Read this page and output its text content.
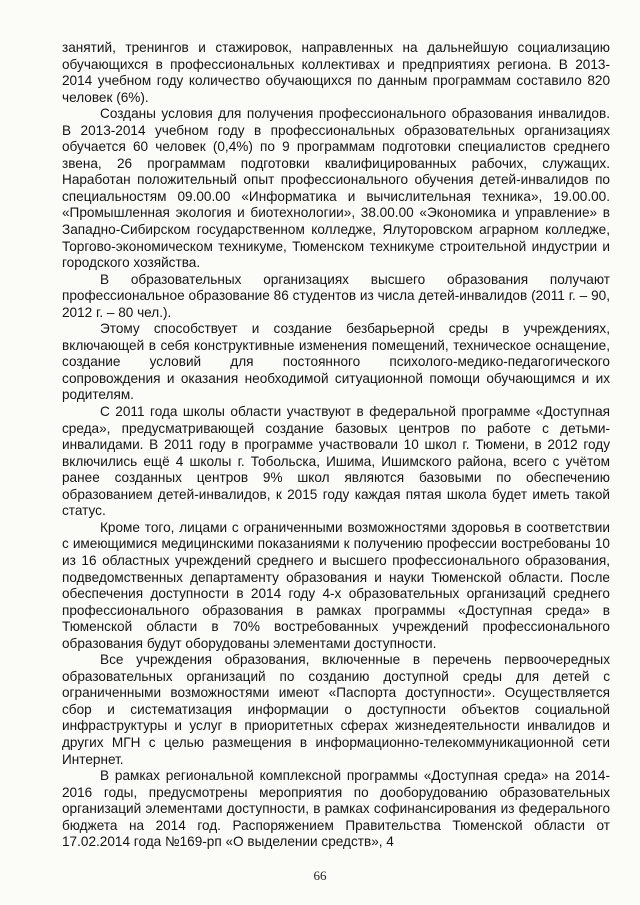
занятий, тренингов и стажировок, направленных на дальнейшую социализацию обучающихся в профессиональных коллективах и предприятиях региона. В 2013-2014 учебном году количество обучающихся по данным программам составило 820 человек (6%).

Созданы условия для получения профессионального образования инвалидов. В 2013-2014 учебном году в профессиональных образовательных организациях обучается 60 человек (0,4%) по 9 программам подготовки специалистов среднего звена, 26 программам подготовки квалифицированных рабочих, служащих. Наработан положительный опыт профессионального обучения детей-инвалидов по специальностям 09.00.00 «Информатика и вычислительная техника», 19.00.00. «Промышленная экология и биотехнологии», 38.00.00 «Экономика и управление» в Западно-Сибирском государственном колледже, Ялуторовском аграрном колледже, Торгово-экономическом техникуме, Тюменском техникуме строительной индустрии и городского хозяйства.

В образовательных организациях высшего образования получают профессиональное образование 86 студентов из числа детей-инвалидов (2011 г. – 90, 2012 г. – 80 чел.).

Этому способствует и создание безбарьерной среды в учреждениях, включающей в себя конструктивные изменения помещений, техническое оснащение, создание условий для постоянного психолого-медико-педагогического сопровождения и оказания необходимой ситуационной помощи обучающимся и их родителям.

С 2011 года школы области участвуют в федеральной программе «Доступная среда», предусматривающей создание базовых центров по работе с детьми-инвалидами. В 2011 году в программе участвовали 10 школ г. Тюмени, в 2012 году включились ещё 4 школы г. Тобольска, Ишима, Ишимского района, всего с учётом ранее созданных центров 9% школ являются базовыми по обеспечению образованием детей-инвалидов, к 2015 году каждая пятая школа будет иметь такой статус.

Кроме того, лицами с ограниченными возможностями здоровья в соответствии с имеющимися медицинскими показаниями к получению профессии востребованы 10 из 16 областных учреждений среднего и высшего профессионального образования, подведомственных департаменту образования и науки Тюменской области. После обеспечения доступности в 2014 году 4-х образовательных организаций среднего профессионального образования в рамках программы «Доступная среда» в Тюменской области в 70% востребованных учреждений профессионального образования будут оборудованы элементами доступности.

Все учреждения образования, включенные в перечень первоочередных образовательных организаций по созданию доступной среды для детей с ограниченными возможностями имеют «Паспорта доступности». Осуществляется сбор и систематизация информации о доступности объектов социальной инфраструктуры и услуг в приоритетных сферах жизнедеятельности инвалидов и других МГН с целью размещения в информационно-телекоммуникационной сети Интернет.

В рамках региональной комплексной программы «Доступная среда» на 2014-2016 годы, предусмотрены мероприятия по дооборудованию образовательных организаций элементами доступности, в рамках софинансирования из федерального бюджета на 2014 год. Распоряжением Правительства Тюменской области от 17.02.2014 года №169-рп «О выделении средств», 4

66
